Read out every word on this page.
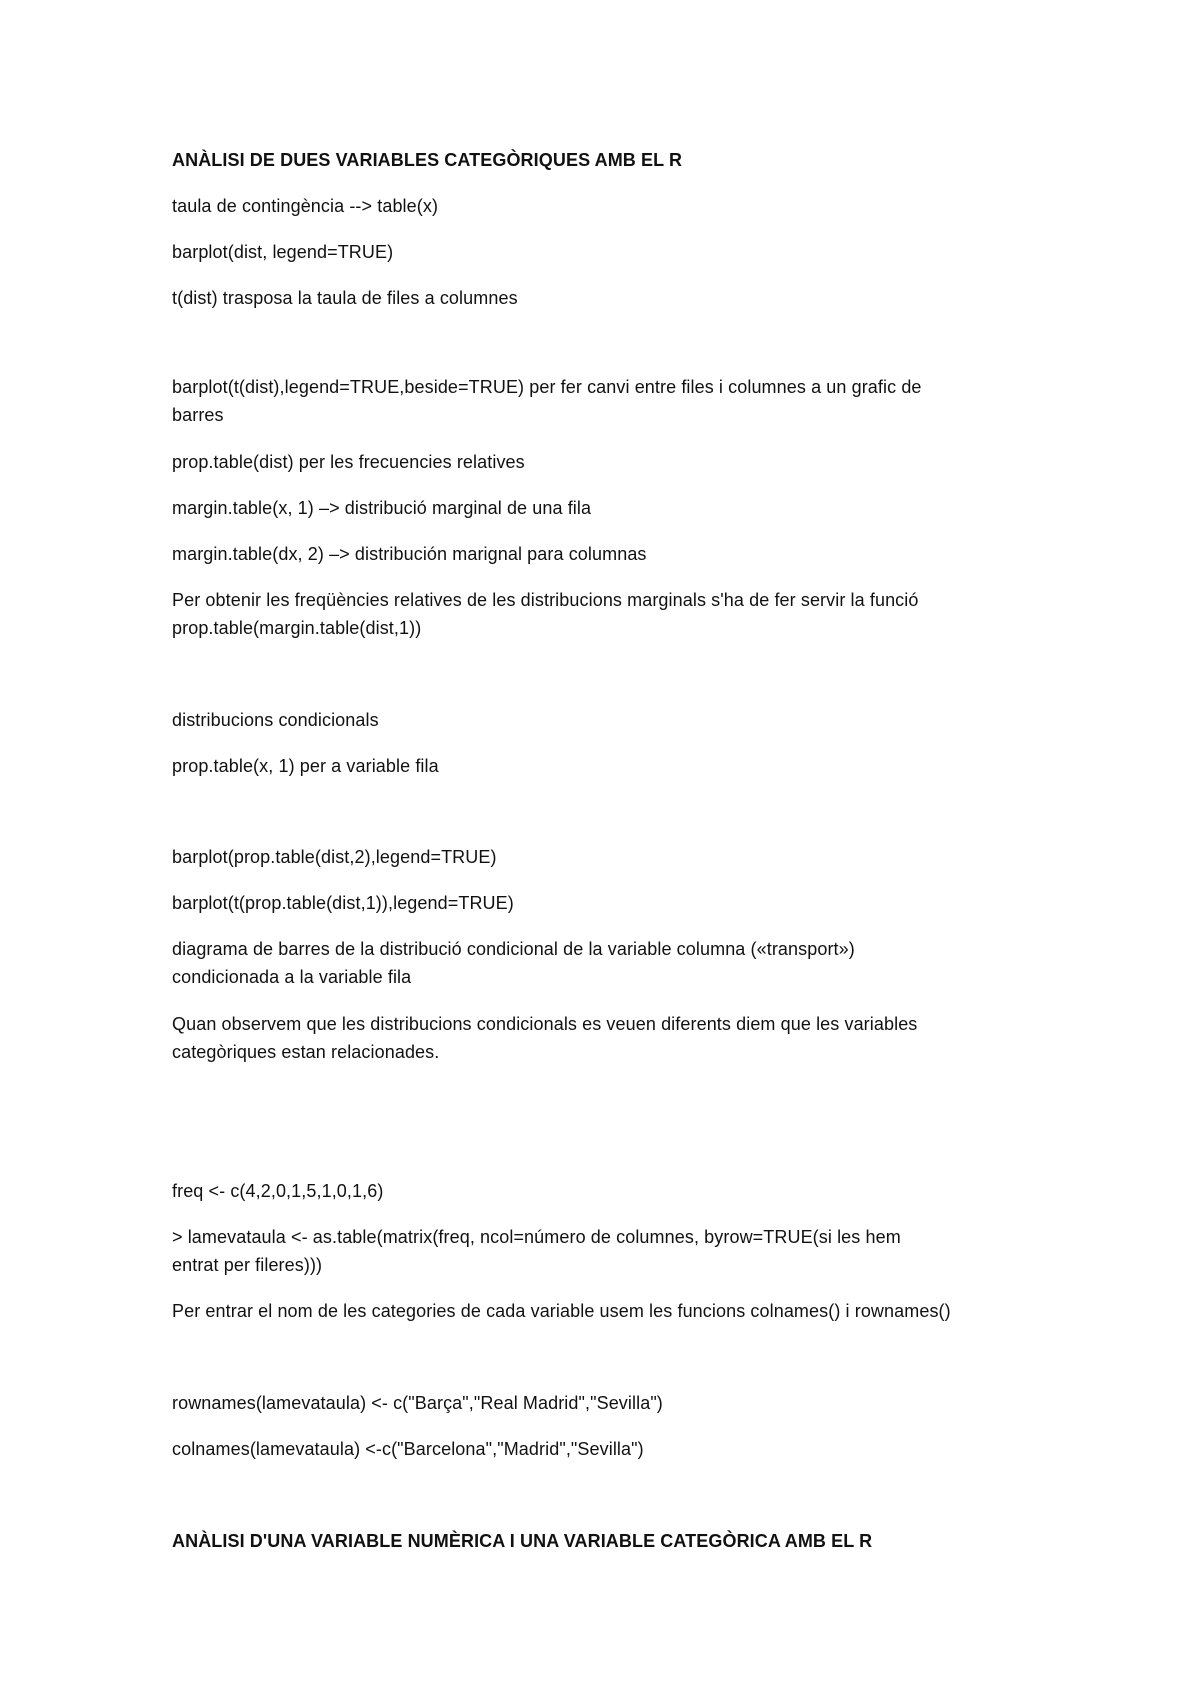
ANÀLISI DE DUES VARIABLES CATEGÒRIQUES AMB EL R
taula de contingència --> table(x)
barplot(dist, legend=TRUE)
t(dist) trasposa la taula de files a columnes
barplot(t(dist),legend=TRUE,beside=TRUE) per fer canvi entre files i columnes a un grafic de
barres
prop.table(dist) per les frecuencies relatives
margin.table(x, 1) –> distribució marginal de una fila
margin.table(dx, 2) –> distribución marignal para columnas
Per obtenir les freqüències relatives de les distribucions marginals s'ha de fer servir la funció
prop.table(margin.table(dist,1))
distribucions condicionals
prop.table(x, 1) per a variable fila
barplot(prop.table(dist,2),legend=TRUE)
barplot(t(prop.table(dist,1)),legend=TRUE)
diagrama de barres de la distribució condicional de la variable columna («transport»)
condicionada a la variable fila
Quan observem que les distribucions condicionals es veuen diferents diem que les variables
categòriques estan relacionades.
freq <- c(4,2,0,1,5,1,0,1,6)
> lamevataula <- as.table(matrix(freq, ncol=número de columnes, byrow=TRUE(si les hem
entrat per fileres)))
Per entrar el nom de les categories de cada variable usem les funcions colnames() i rownames()
rownames(lamevataula) <- c("Barça","Real Madrid","Sevilla")
colnames(lamevataula) <-c("Barcelona","Madrid","Sevilla")
ANÀLISI D'UNA VARIABLE NUMÈRICA I UNA VARIABLE CATEGÒRICA AMB EL R
